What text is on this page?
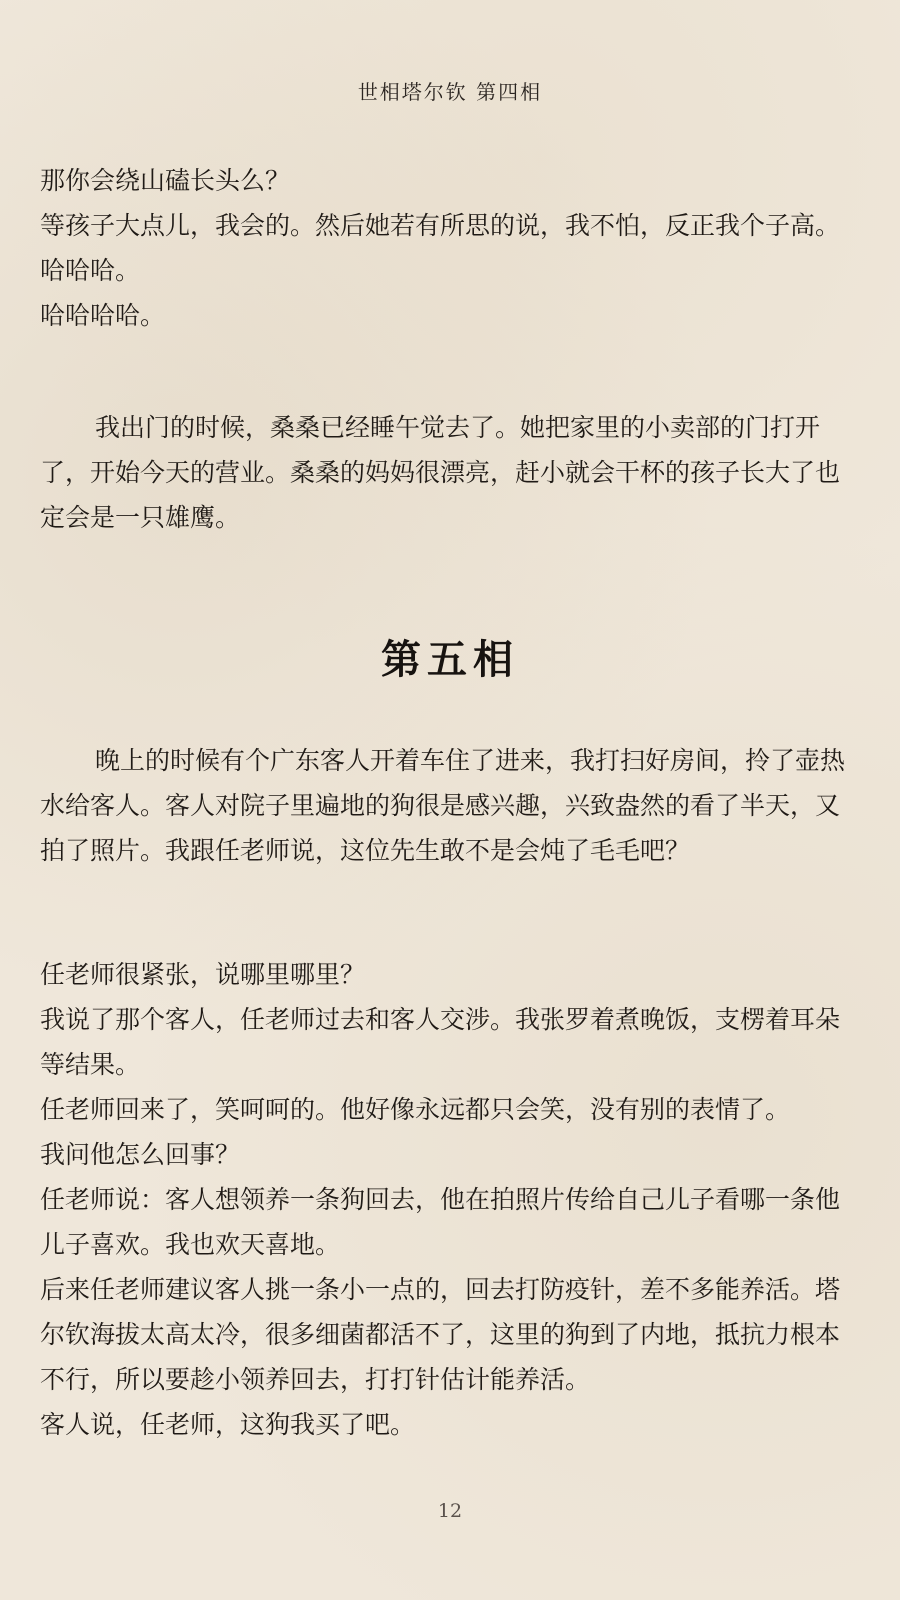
世相塔尔钦 第四相

那你会绕山磕长头么？

等孩子大点儿，我会的。然后她若有所思的说，我不怕，反正我个子高。

哈哈哈。

哈哈哈哈。

我出门的时候，桑桑已经睡午觉去了。她把家里的小卖部的门打开了，开始今天的营业。桑桑的妈妈很漂亮，赶小就会干杯的孩子长大了也定会是一只雄鹰。

第五相

晚上的时候有个广东客人开着车住了进来，我打扫好房间，拎了壶热水给客人。客人对院子里遍地的狗很是感兴趣，兴致盎然的看了半天，又拍了照片。我跟任老师说，这位先生敢不是会炖了毛毛吧？

任老师很紧张，说哪里哪里？

我说了那个客人，任老师过去和客人交涉。我张罗着煮晚饭，支楞着耳朵等结果。

任老师回来了，笑呵呵的。他好像永远都只会笑，没有别的表情了。

我问他怎么回事？

任老师说：客人想领养一条狗回去，他在拍照片传给自己儿子看哪一条他儿子喜欢。我也欢天喜地。

后来任老师建议客人挑一条小一点的，回去打防疫针，差不多能养活。塔尔钦海拔太高太冷，很多细菌都活不了，这里的狗到了内地，抵抗力根本不行，所以要趁小领养回去，打打针估计能养活。

客人说，任老师，这狗我买了吧。

12
